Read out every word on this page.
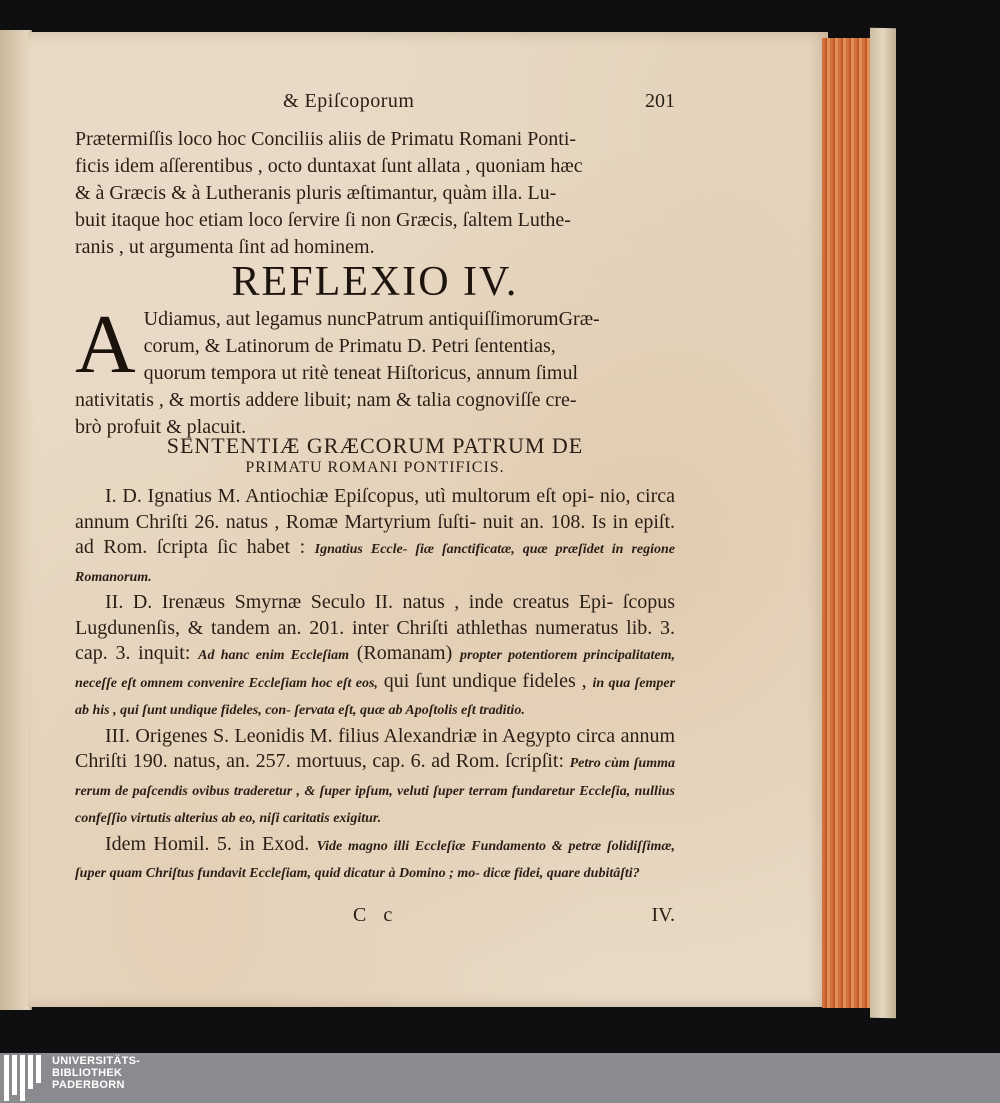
& Epiſcoporum	201

Prætermiſſis loco hoc Conciliis aliis de Primatu Romani Ponti-

ficis idem aſſerentibus , octo duntaxat ſunt allata , quoniam hæc

& à Græcis & à Lutheranis pluris æſtimantur, quàm illa. Lu-

buit itaque hoc etiam loco ſervire ſi non Græcis, ſaltem Luthe-

ranis , ut argumenta ſint ad hominem.

REFLEXIO IV.
A Udiamus, aut legamus nuncPatrum antiquiſſimorumGræ-

corum, & Latinorum de Primatu D. Petri ſententias,

quorum tempora ut ritè teneat Hiſtoricus, annum ſimul

nativitatis , & mortis addere libuit; nam & talia cognoviſſe cre-

brò profuit & placuit.

SENTENTIÆ GRÆCORUM PATRUM DE
PRIMATU ROMANI PONTIFICIS.

I. D. Ignatius M. Antiochiæ Epiſcopus, utì multorum eſt opi- nio, circa annum Chriſti 26. natus , Romæ Martyrium ſuſti- nuit an. 108. Is in epiſt. ad Rom. ſcripta ſic habet : Ignatius Eccle- ſiæ ſanctificatæ, quæ præſidet in regione Romanorum.

II. D. Irenæus Smyrnæ Seculo II. natus , inde creatus Epi- ſcopus Lugdunenſis, & tandem an. 201. inter Chriſti athlethas numeratus lib. 3. cap. 3. inquit: Ad hanc enim Eccleſiam (Romanam) propter potentiorem principalitatem, neceſſe eſt omnem convenire Eccleſiam hoc eſt eos, qui ſunt undique fideles , in qua ſemper ab his , qui ſunt undique fideles, con- ſervata eſt, quæ ab Apoſtolis eſt traditio.

III. Origenes S. Leonidis M. filius Alexandriæ in Aegypto circa annum Chriſti 190. natus, an. 257. mortuus, cap. 6. ad Rom. ſcripſit: Petro cùm ſumma rerum de paſcendis ovibus traderetur , & ſuper ipſum, veluti ſuper terram fundaretur Eccleſia, nullius confeſſio virtutis alterius ab eo, niſi caritatis exigitur.

Idem Homil. 5. in Exod. Vide magno illi Eccleſiæ Fundamento & petræ ſolidiſſimæ, ſuper quam Chriſtus fundavit Eccleſiam, quid dicatur à Domino ; mo- dicæ fidei, quare dubitâſti?

C c	IV.
UNIVERSITÄTS-
BIBLIOTHEK
PADERBORN
